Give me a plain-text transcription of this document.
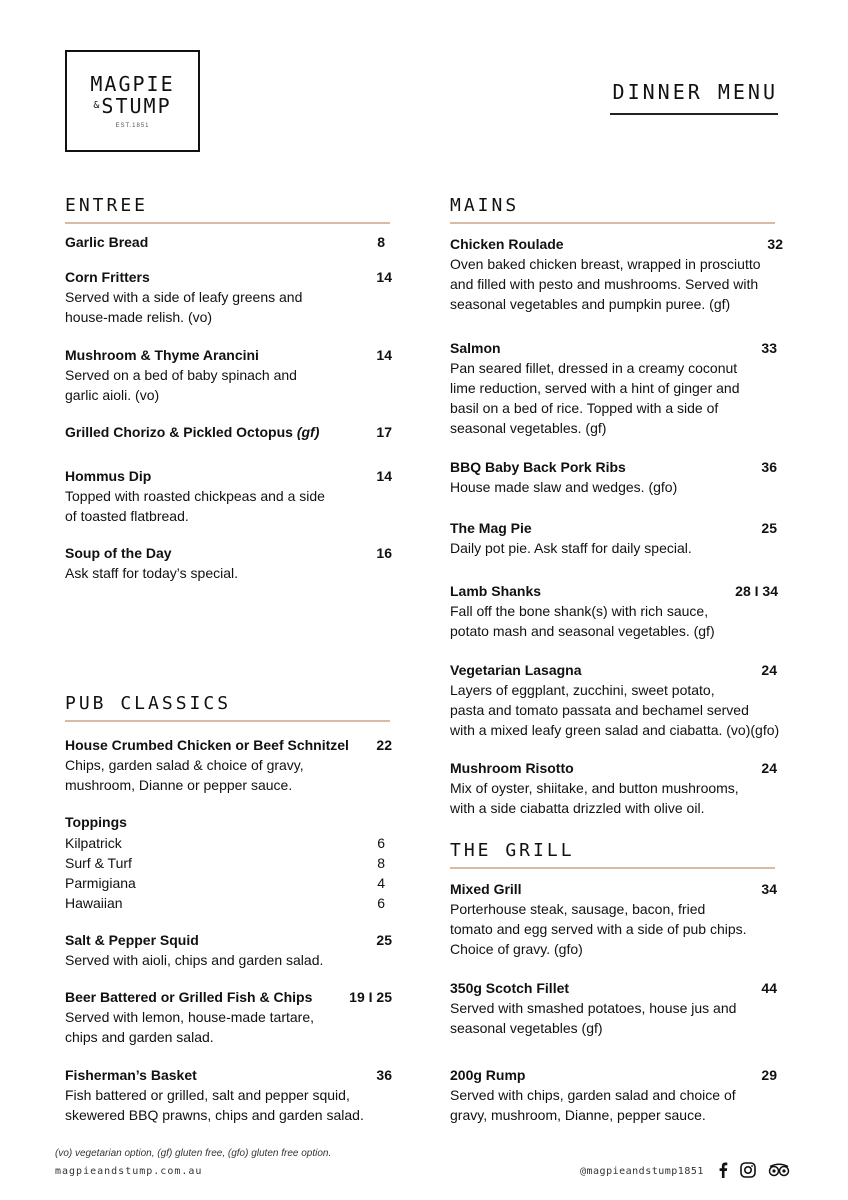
MAGPIE
& STUMP
EST.1851
DINNER MENU
ENTREE	MAINS
PUB CLASSICS
THE GRILL
Garlic Bread	8
Corn Fritters	14
Served with a side of leafy greens and
house-made relish. (vo)
Mushroom & Thyme Arancini	14
Served on a bed of baby spinach and
garlic aioli. (vo)
Grilled Chorizo & Pickled Octopus (gf)	17
Hommus Dip	14
Topped with roasted chickpeas and a side
of toasted flatbread.
Soup of the Day	16
Ask staff for today’s special.
House Crumbed Chicken or Beef Schnitzel 22
Chips, garden salad & choice of gravy,
mushroom, Dianne or pepper sauce.
Toppings
Kilpatrick	6
Surf & Turf	8
Parmigiana	4
Hawaiian	6
Salt & Pepper Squid	25
Served with aioli, chips and garden salad.
Beer Battered or Grilled Fish & Chips	19 I 25
Served with lemon, house-made tartare,
chips and garden salad.
Fisherman’s Basket	36
Fish battered or grilled, salt and pepper squid,
skewered BBQ prawns, chips and garden salad.
Chicken Roulade	32
Oven baked chicken breast, wrapped in prosciutto
and filled with pesto and mushrooms. Served with
seasonal vegetables and pumpkin puree. (gf)
Salmon	33
Pan seared fillet, dressed in a creamy coconut
lime reduction, served with a hint of ginger and
basil on a bed of rice. Topped with a side of
seasonal vegetables. (gf)
BBQ Baby Back Pork Ribs	36
House made slaw and wedges. (gfo)
The Mag Pie	25
Daily pot pie. Ask staff for daily special.
Lamb Shanks	28 I 34
Fall off the bone shank(s) with rich sauce,
potato mash and seasonal vegetables. (gf)
Vegetarian Lasagna	24
Layers of eggplant, zucchini, sweet potato,
pasta and tomato passata and bechamel served
with a mixed leafy green salad and ciabatta. (vo)(gfo)
Mushroom Risotto	24
Mix of oyster, shiitake, and button mushrooms,
with a side ciabatta drizzled with olive oil.
Mixed Grill	34
Porterhouse steak, sausage, bacon, fried
tomato and egg served with a side of pub chips.
Choice of gravy. (gfo)
350g Scotch Fillet	44
Served with smashed potatoes, house jus and
seasonal vegetables (gf)
200g Rump	29
Served with chips, garden salad and choice of
gravy, mushroom, Dianne, pepper sauce.
(vo) vegetarian option, (gf) gluten free, (gfo) gluten free option.
magpieandstump.com.au	@magpieandstump1851
